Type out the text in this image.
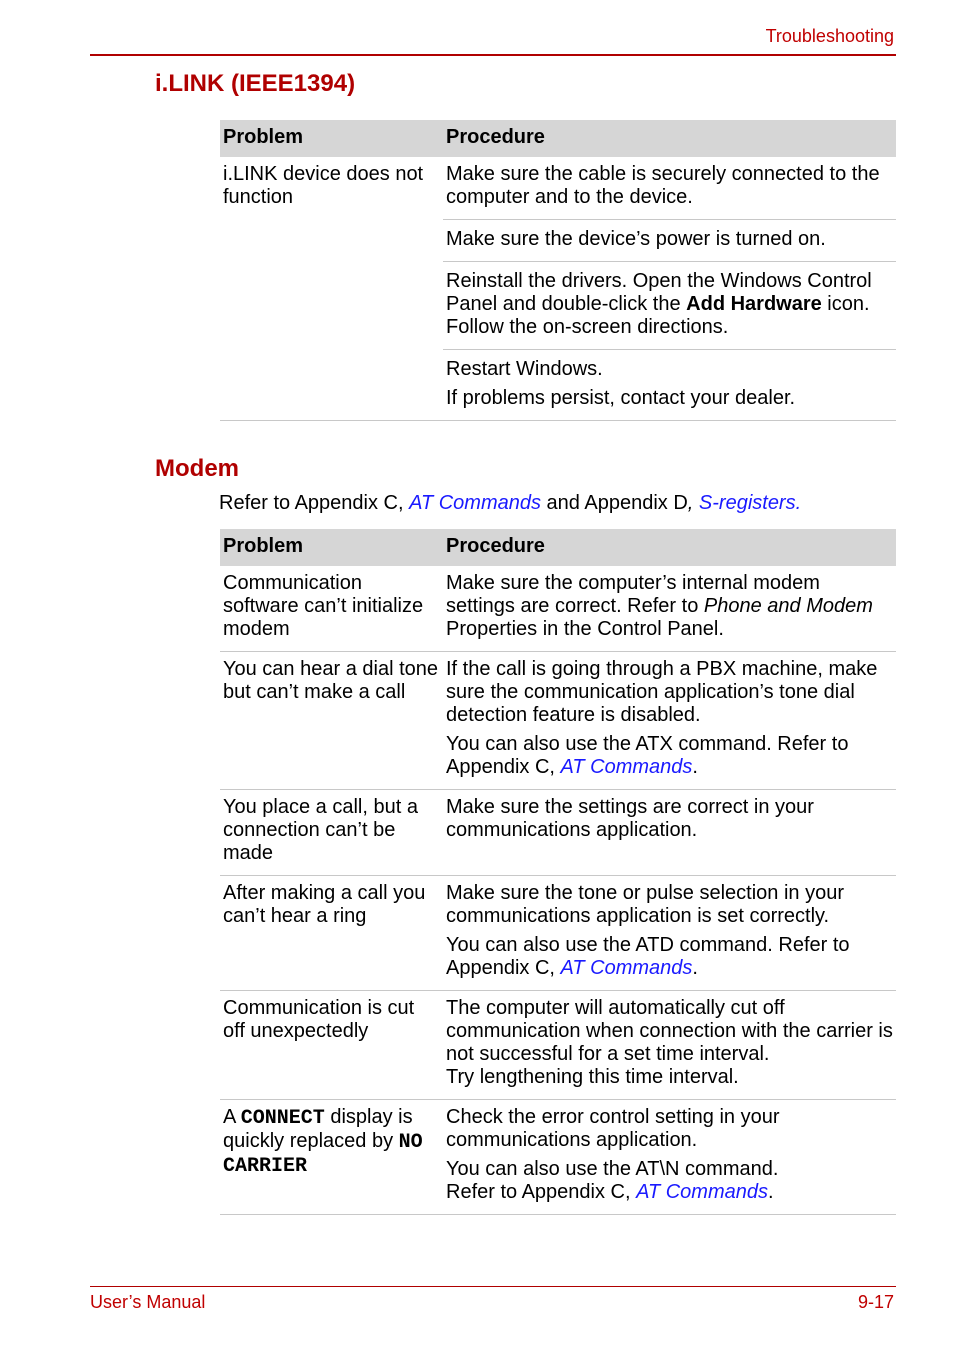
Troubleshooting
i.LINK (IEEE1394)
Problem	Procedure
i.LINK device does not function	Make sure the cable is securely connected to the computer and to the device.

Make sure the device’s power is turned on.

Reinstall the drivers. Open the Windows Control Panel and double-click the Add Hardware icon. Follow the on-screen directions.

Restart Windows.

If problems persist, contact your dealer.

Modem
Refer to Appendix C, AT Commands and Appendix D, S-registers.
Problem	Procedure
Communication software can’t initialize modem	Make sure the computer’s internal modem settings are correct. Refer to Phone and Modem Properties in the Control Panel.

You can hear a dial tone but can’t make a call	If the call is going through a PBX machine, make sure the communication application’s tone dial detection feature is disabled.

You can also use the ATX command. Refer to Appendix C, AT Commands.

You place a call, but a connection can’t be made	Make sure the settings are correct in your communications application.

After making a call you can’t hear a ring	Make sure the tone or pulse selection in your communications application is set correctly.

You can also use the ATD command. Refer to Appendix C, AT Commands.

Communication is cut off unexpectedly	The computer will automatically cut off communication when connection with the carrier is not successful for a set time interval.
Try lengthening this time interval.

A CONNECT display is quickly replaced by NO CARRIER	Check the error control setting in your communications application.

You can also use the AT\N command.
Refer to Appendix C, AT Commands.

User’s Manual	9-17
